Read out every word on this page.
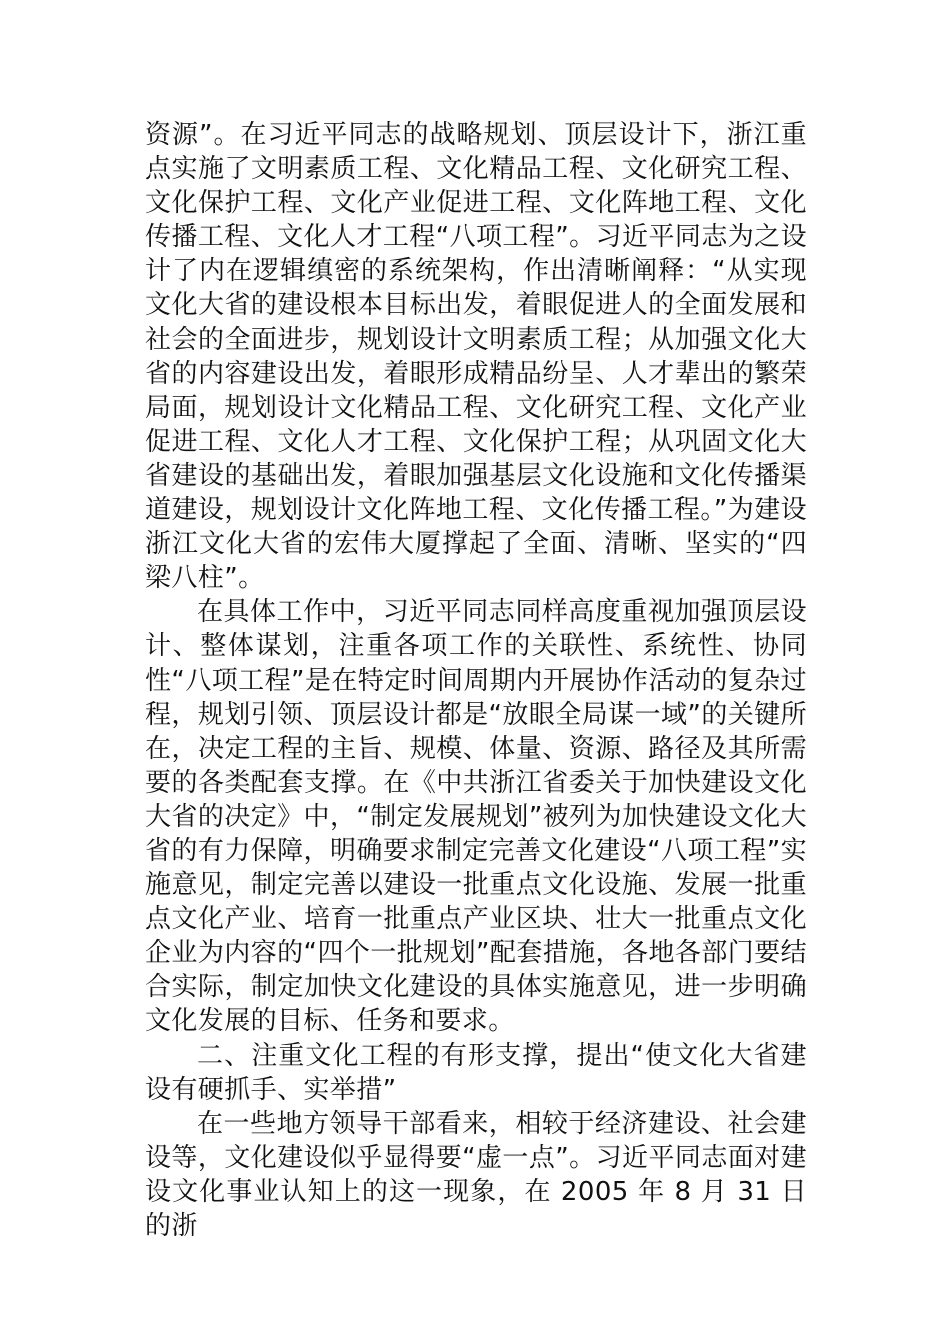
资源”。在习近平同志的战略规划、顶层设计下，浙江重点实施了文明素质工程、文化精品工程、文化研究工程、文化保护工程、文化产业促进工程、文化阵地工程、文化传播工程、文化人才工程“八项工程”。习近平同志为之设计了内在逻辑缜密的系统架构，作出清晰阐释：“从实现文化大省的建设根本目标出发，着眼促进人的全面发展和社会的全面进步，规划设计文明素质工程；从加强文化大省的内容建设出发，着眼形成精品纷呈、人才辈出的繁荣局面，规划设计文化精品工程、文化研究工程、文化产业促进工程、文化人才工程、文化保护工程；从巩固文化大省建设的基础出发，着眼加强基层文化设施和文化传播渠道建设，规划设计文化阵地工程、文化传播工程。”为建设浙江文化大省的宏伟大厦撑起了全面、清晰、坚实的“四梁八柱”。

在具体工作中，习近平同志同样高度重视加强顶层设计、整体谋划，注重各项工作的关联性、系统性、协同性“八项工程”是在特定时间周期内开展协作活动的复杂过程，规划引领、顶层设计都是“放眼全局谋一域”的关键所在，决定工程的主旨、规模、体量、资源、路径及其所需要的各类配套支撑。在《中共浙江省委关于加快建设文化大省的决定》中，“制定发展规划”被列为加快建设文化大省的有力保障，明确要求制定完善文化建设“八项工程”实施意见，制定完善以建设一批重点文化设施、发展一批重点文化产业、培育一批重点产业区块、壮大一批重点文化企业为内容的“四个一批规划”配套措施，各地各部门要结合实际，制定加快文化建设的具体实施意见，进一步明确文化发展的目标、任务和要求。

二、注重文化工程的有形支撑，提出“使文化大省建设有硬抓手、实举措”

在一些地方领导干部看来，相较于经济建设、社会建设等，文化建设似乎显得要“虚一点”。习近平同志面对建设文化事业认知上的这一现象，在 2005 年 8 月 31 日的浙
